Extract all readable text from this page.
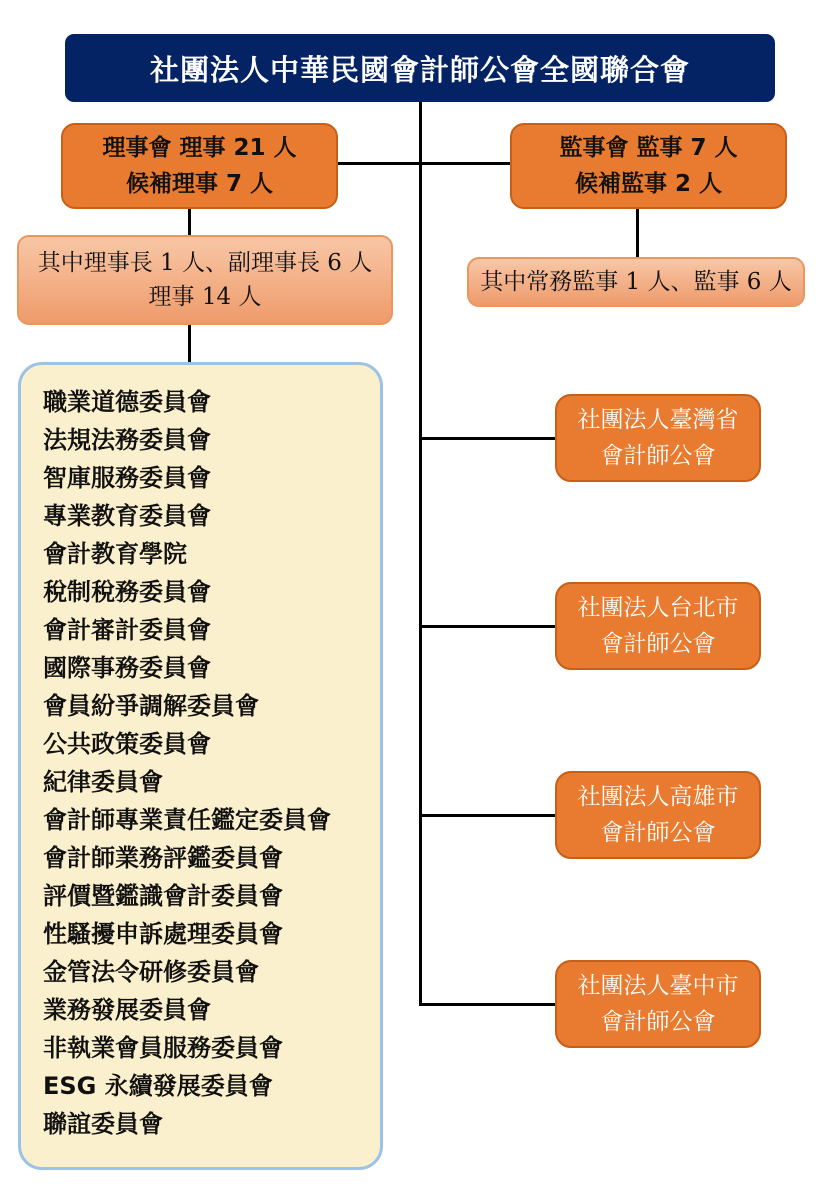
社團法人中華民國會計師公會全國聯合會
理事會 理事 21 人
候補理事 7 人
監事會 監事 7 人
候補監事 2 人
其中理事長 1 人、副理事長 6 人
理事 14 人
其中常務監事 1 人、監事 6 人
職業道德委員會
法規法務委員會
智庫服務委員會
專業教育委員會
會計教育學院
稅制稅務委員會
會計審計委員會
國際事務委員會
會員紛爭調解委員會
公共政策委員會
紀律委員會
會計師專業責任鑑定委員會
會計師業務評鑑委員會
評價暨鑑識會計委員會
性騷擾申訴處理委員會
金管法令研修委員會
業務發展委員會
非執業會員服務委員會
ESG 永續發展委員會
聯誼委員會
社團法人臺灣省
會計師公會
社團法人台北市
會計師公會
社團法人高雄市
會計師公會
社團法人臺中市
會計師公會
